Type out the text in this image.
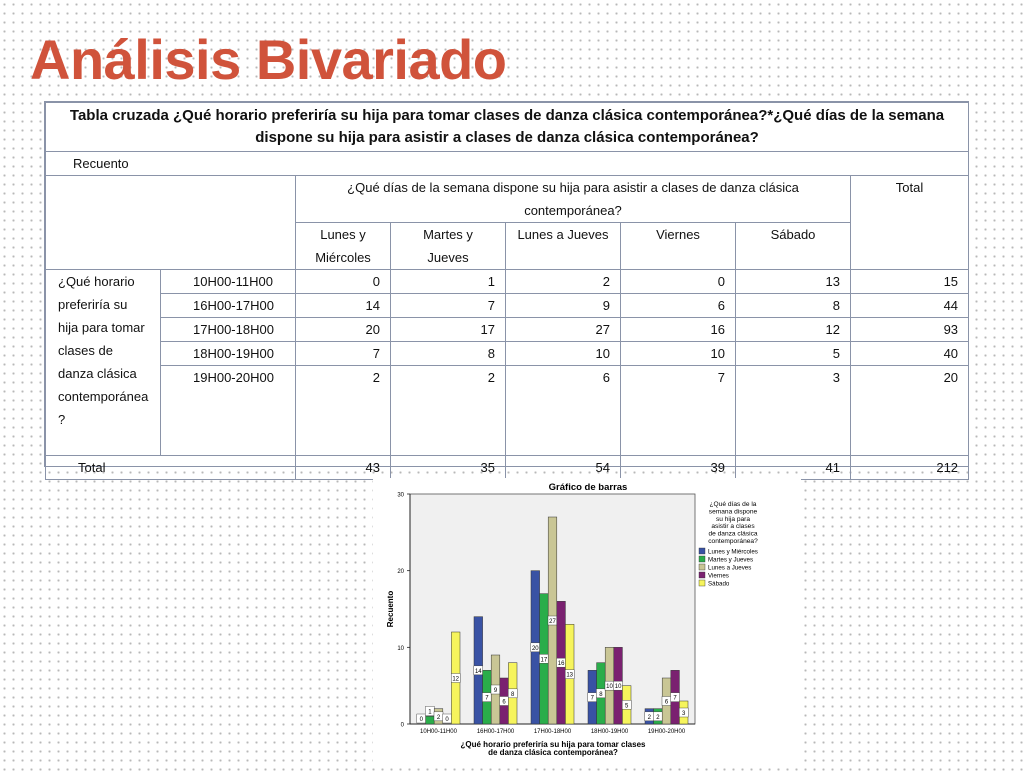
Análisis Bivariado
Tabla cruzada ¿Qué horario preferiría su hija para tomar clases de danza clásica contemporánea?*¿Qué días de la semana dispone su hija para asistir a clases de danza clásica contemporánea?							
Recuento							
		¿Qué días de la semana dispone su hija para asistir a clases de danza clásica contemporánea?					Total
		Lunes y Miércoles	Martes y Jueves	Lunes a Jueves	Viernes	Sábado	
¿Qué horario preferiría su hija para tomar clases de danza clásica contemporánea ?	10H00-11H00	0	1	2	0	13	15
	16H00-17H00	14	7	9	6	8	44
	17H00-18H00	20	17	27	16	12	93
	18H00-19H00	7	8	10	10	5	40
	19H00-20H00	2	2	6	7	3	20
Total		43	35	54	39	41	212
Gráfico de barras
0
10
20
30
0
1
2 0
12
14
7
9
6
8
20
17
27
16
13
7
8
10 10
5
2 2
6
7
3
10H00-11H00	16H00-17H00	17H00-18H00	18H00-19H00	19H00-20H00
Recuento
¿Qué horario preferiría su hija para tomar clases de danza clásica contemporánea?
¿Qué días de la semana dispone su hija para asistir a clases de danza clásica contemporánea?
Lunes y Miércoles
Martes y Jueves
Lunes a Jueves
Viernes
Sábado
